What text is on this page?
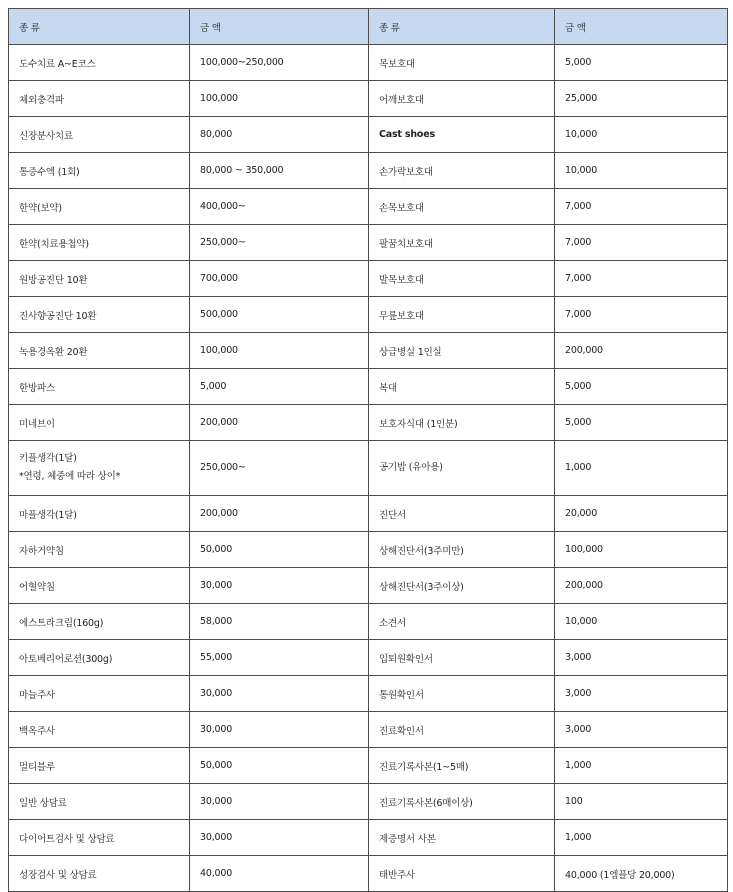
종 류	금 액	종 류	금 액

도수치료 A~E코스	100,000~250,000	목보호대	5,000

체외충격파	100,000	어깨보호대	25,000

신장분사치료	80,000	Cast shoes	10,000

통증수액 (1회)	80,000 ~ 350,000	손가락보호대	10,000

한약(보약)	400,000~	손목보호대	7,000

한약(치료용첩약)	250,000~	팔꿈치보호대	7,000

원방공진단 10환	700,000	발목보호대	7,000

진사향공진단 10환	500,000	무릎보호대	7,000

녹용경옥환 20환	100,000	상급병실 1인실	200,000

한방파스	5,000	복대	5,000

미네브이	200,000	보호자식대 (1인분)	5,000

키플생각(1달)
*연령, 체중에 따라 상이*	250,000~	공기밥 (유아용)	1,000

마플생각(1달)	200,000	진단서	20,000

자하거약침	50,000	상해진단서(3주미만)	100,000

어혈약침	30,000	상해진단서(3주이상)	200,000

에스트라크림(160g)	58,000	소견서	10,000

아토베리어로션(300g)	55,000	입퇴원확인서	3,000

마늘주사	30,000	통원확인서	3,000

백옥주사	30,000	진료확인서	3,000

멀티블루	50,000	진료기록사본(1~5매)	1,000

일반 상담료	30,000	진료기록사본(6매이상)	100

다이어트검사 및 상담료	30,000	제증명서 사본	1,000

성장검사 및 상담료	40,000	태반주사	40,000 (1엠플당 20,000)
